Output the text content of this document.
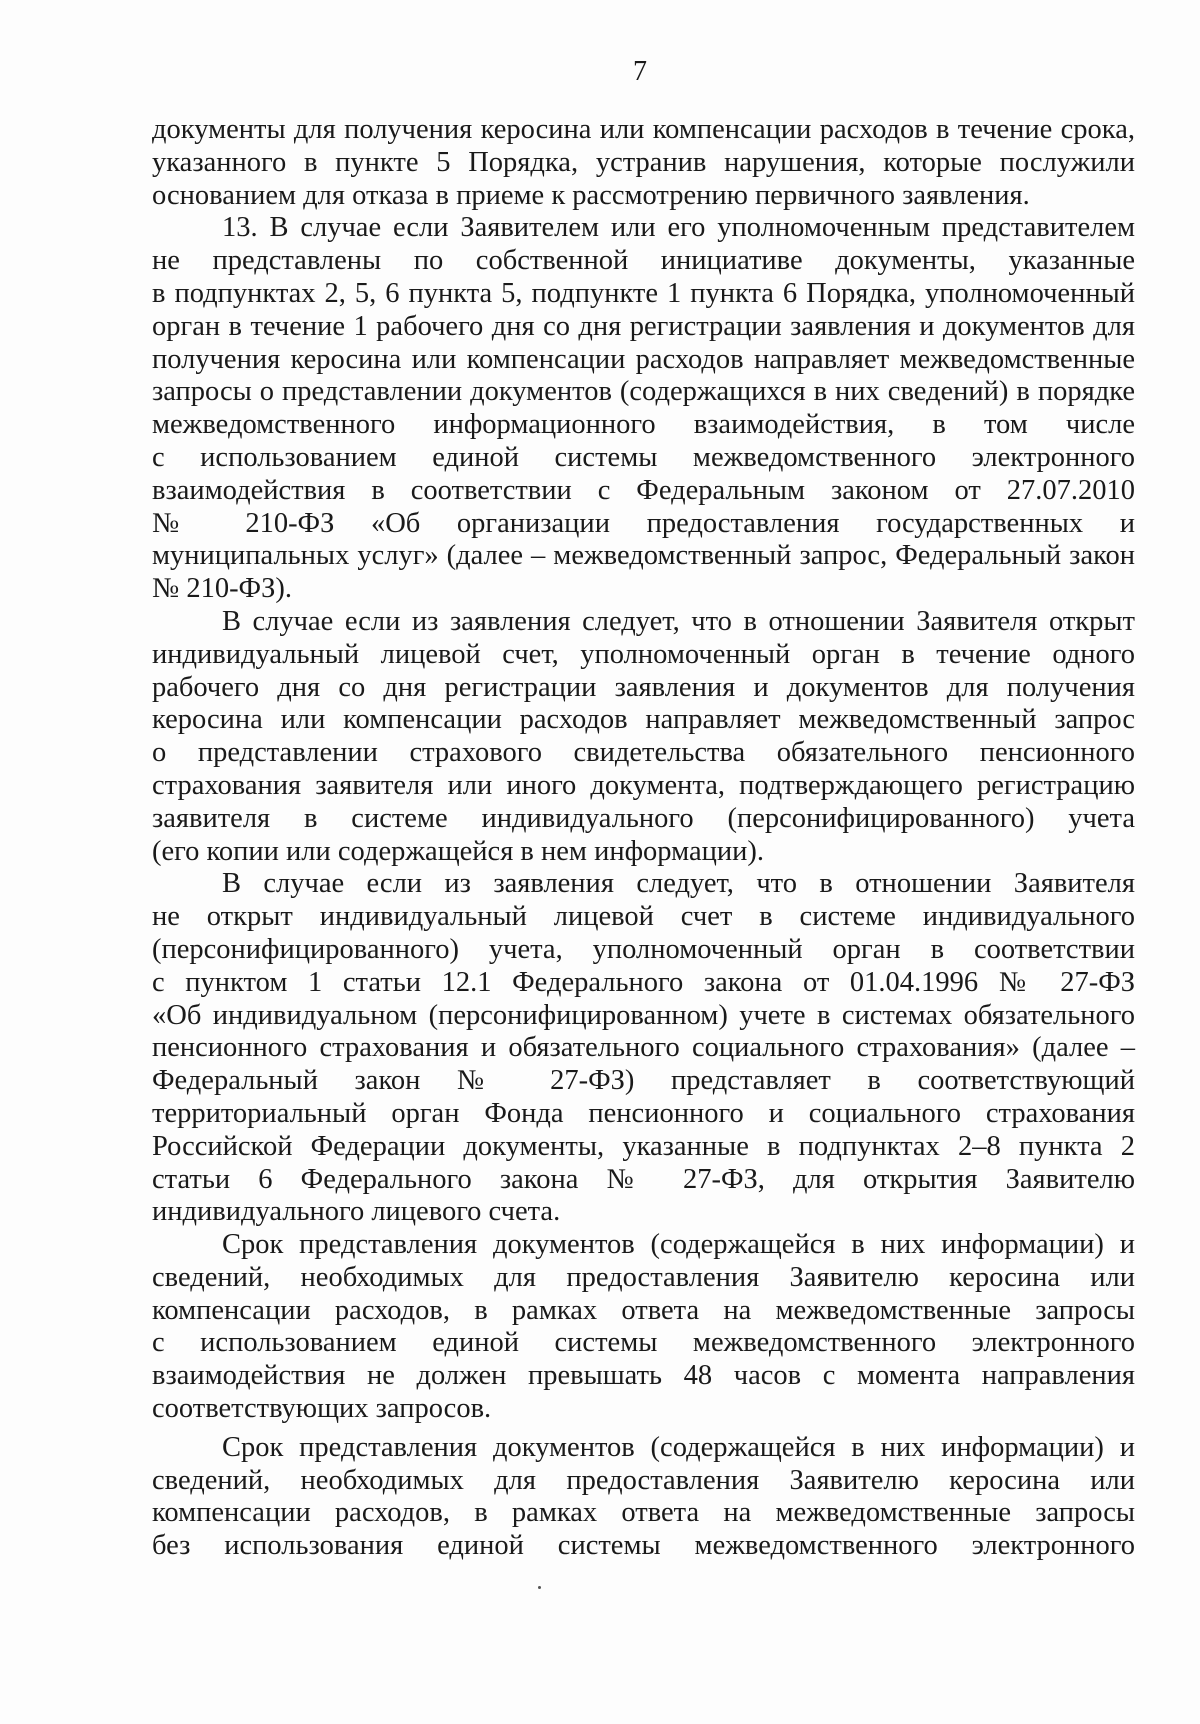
7

документы для получения керосина или компенсации расходов в течение срока,

указанного в пункте 5 Порядка, устранив нарушения, которые послужили

основанием для отказа в приеме к рассмотрению первичного заявления.

13. В случае если Заявителем или его уполномоченным представителем

не представлены по собственной инициативе документы, указанные

в подпунктах 2, 5, 6 пункта 5, подпункте 1 пункта 6 Порядка, уполномоченный

орган в течение 1 рабочего дня со дня регистрации заявления и документов для

получения керосина или компенсации расходов направляет межведомственные

запросы о представлении документов (содержащихся в них сведений) в порядке

межведомственного информационного взаимодействия, в том числе

с использованием единой системы межведомственного электронного

взаимодействия в соответствии с Федеральным законом от 27.07.2010

№ 210-ФЗ «Об организации предоставления государственных и

муниципальных услуг» (далее – межведомственный запрос, Федеральный закон

№ 210-ФЗ).

В случае если из заявления следует, что в отношении Заявителя открыт

индивидуальный лицевой счет, уполномоченный орган в течение одного

рабочего дня со дня регистрации заявления и документов для получения

керосина или компенсации расходов направляет межведомственный запрос

о представлении страхового свидетельства обязательного пенсионного

страхования заявителя или иного документа, подтверждающего регистрацию

заявителя в системе индивидуального (персонифицированного) учета

(его копии или содержащейся в нем информации).

В случае если из заявления следует, что в отношении Заявителя

не открыт индивидуальный лицевой счет в системе индивидуального

(персонифицированного) учета, уполномоченный орган в соответствии

с пунктом 1 статьи 12.1 Федерального закона от 01.04.1996 № 27-ФЗ

«Об индивидуальном (персонифицированном) учете в системах обязательного

пенсионного страхования и обязательного социального страхования» (далее –

Федеральный закон № 27-ФЗ) представляет в соответствующий

территориальный орган Фонда пенсионного и социального страхования

Российской Федерации документы, указанные в подпунктах 2–8 пункта 2

статьи 6 Федерального закона № 27-ФЗ, для открытия Заявителю

индивидуального лицевого счета.

Срок представления документов (содержащейся в них информации) и

сведений, необходимых для предоставления Заявителю керосина или

компенсации расходов, в рамках ответа на межведомственные запросы

с использованием единой системы межведомственного электронного

взаимодействия не должен превышать 48 часов с момента направления

соответствующих запросов.

Срок представления документов (содержащейся в них информации) и

сведений, необходимых для предоставления Заявителю керосина или

компенсации расходов, в рамках ответа на межведомственные запросы

без использования единой системы межведомственного электронного
